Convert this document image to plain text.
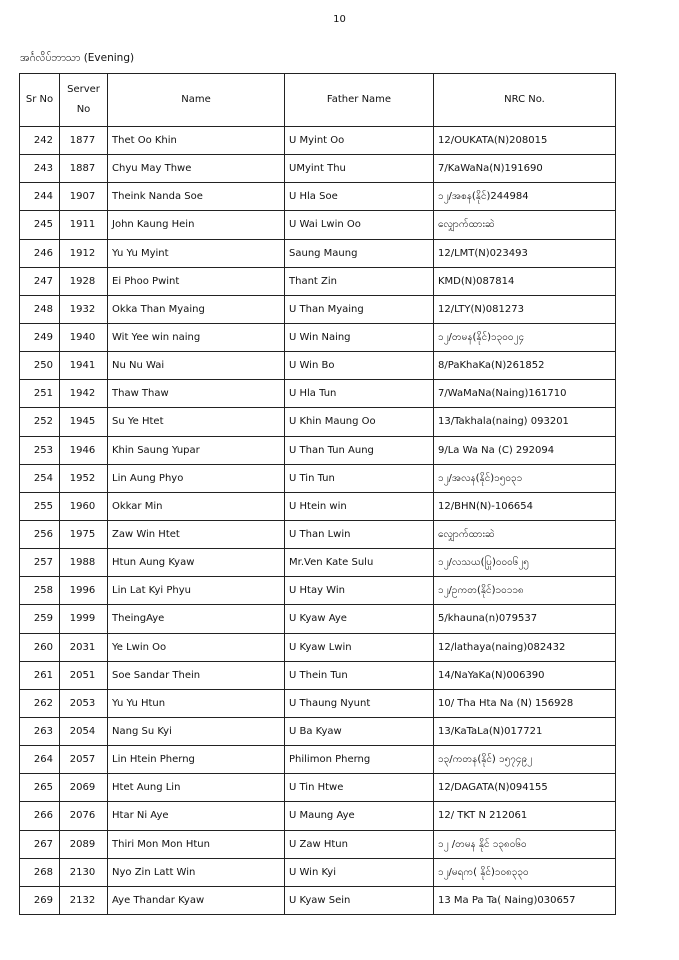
10
အင်္ဂလိပ်ဘာသာ (Evening)
Sr No	Server No	Name	Father Name	NRC No.
242	1877	Thet Oo Khin	U Myint Oo	12/OUKATA(N)208015
243	1887	Chyu May Thwe	UMyint Thu	7/KaWaNa(N)191690
244	1907	Theink Nanda Soe	U Hla Soe	၁၂/အစန(နိုင်)244984
245	1911	John Kaung Hein	U Wai Lwin Oo	လျှောက်ထားဆဲ
246	1912	Yu Yu Myint	Saung Maung	12/LMT(N)023493
247	1928	Ei Phoo Pwint	Thant Zin	KMD(N)087814
248	1932	Okka Than Myaing	U Than Myaing	12/LTY(N)081273
249	1940	Wit Yee win naing	U Win Naing	၁၂/တမန(နိုင်)၁၃၀၀၂၄
250	1941	Nu Nu Wai	U Win Bo	8/PaKhaKa(N)261852
251	1942	Thaw Thaw	U Hla Tun	7/WaMaNa(Naing)161710
252	1945	Su Ye Htet	U Khin Maung Oo	13/Takhala(naing) 093201
253	1946	Khin Saung Yupar	U Than Tun Aung	9/La Wa Na (C) 292094
254	1952	Lin Aung Phyo	U Tin Tun	၁၂/အလန(နိုင်)၁၅၀၃၁
255	1960	Okkar Min	U Htein win	12/BHN(N)-106654
256	1975	Zaw Win Htet	U Than Lwin	လျှောက်ထားဆဲ
257	1988	Htun Aung Kyaw	Mr.Ven Kate Sulu	၁၂/လသယ(ပြု)၀၀၀၆၂၅
258	1996	Lin Lat Kyi Phyu	U Htay Win	၁၂/ဥကတ(နိုင်)၁၀၁၁၈
259	1999	TheingAye	U Kyaw Aye	5/khauna(n)079537
260	2031	Ye Lwin Oo	U Kyaw Lwin	12/lathaya(naing)082432
261	2051	Soe Sandar Thein	U Thein Tun	14/NaYaKa(N)006390
262	2053	Yu Yu Htun	U Thaung Nyunt	10/ Tha Hta Na (N) 156928
263	2054	Nang Su Kyi	U Ba Kyaw	13/KaTaLa(N)017721
264	2057	Lin Htein Pherng	Philimon Pherng	၁၃/ကတန(နိုင်) ၁၅၇၄၉၂
265	2069	Htet Aung Lin	U Tin Htwe	12/DAGATA(N)094155
266	2076	Htar Ni Aye	U Maung Aye	12/ TKT N 212061
267	2089	Thiri Mon Mon Htun	U Zaw Htun	၁၂ /တမန နိုင် ၁၃၈၀၆၀
268	2130	Nyo Zin Latt Win	U Win Kyi	၁၂/မရက( နိုင်)၁၀၈၃၃၀
269	2132	Aye Thandar Kyaw	U Kyaw Sein	13 Ma Pa Ta( Naing)030657
